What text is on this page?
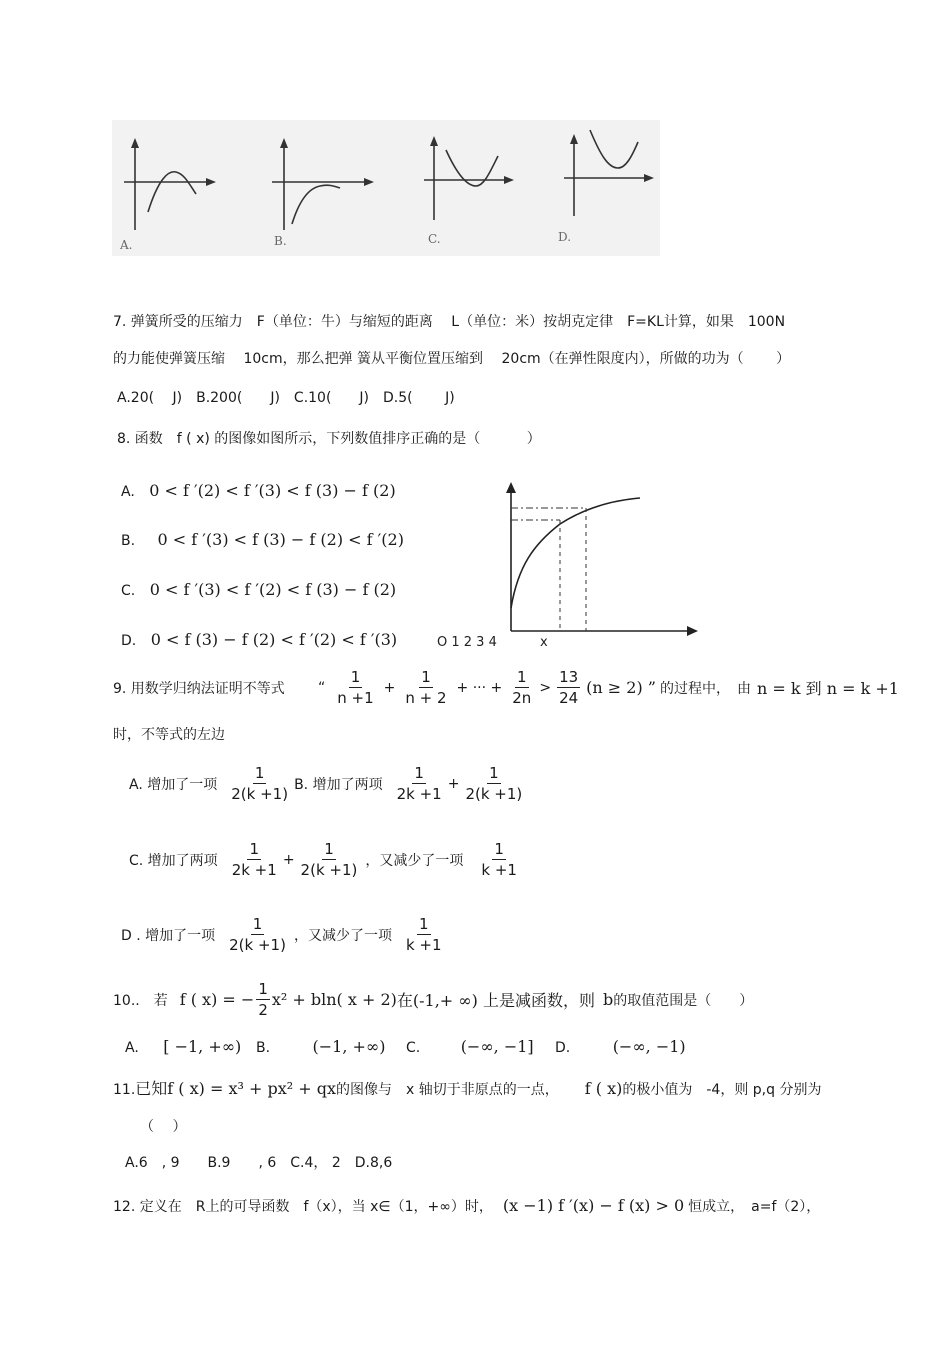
A.	B.	C.	D.
7. 弹簧所受的压缩力　F（单位：牛）与缩短的距离　 L（单位：米）按胡克定律　F=KL计算，如果　100N
的力能使弹簧压缩　 10cm，那么把弹 簧从平衡位置压缩到　 20cm（在弹性限度内），所做的功为（　　 ）
A.20(　 J)　B.200(　　J)　C.10(　　J)　D.5(　　 J)
8. 函数　f ( x) 的图像如图所示，下列数值排序正确的是（　　　 ）
A. 0 < f ′(2) < f ′(3) < f (3) − f (2)
B. 0 < f ′(3) < f (3) − f (2) < f ′(2)
C. 0 < f ′(3) < f ′(2) < f (3) − f (2)
D. 0 < f (3) − f (2) < f ′(2) < f ′(3)	O 1 2 3 4	x
9. 用数学归纳法证明不等式 “ $\frac{1}{n +1} + \frac{1}{n + 2}$ + ··· + $\frac{1}{2n} > \frac{13}{24} (n \ge 2)$ ” 的过程中，　由 n = k 到 n = k +1
时，不等式的左边
A. 增加了一项 $\frac{1}{2(k +1)} B$. 增加了两项 $\frac{1}{2k +1} + \frac{1}{2(k +1)}$
C. 增加了两项 $\frac{1}{2k +1} + \frac{1}{2(k +1)}$ ，又减少了一项 $\frac{1}{k +1}$
D . 增加了一项 $\frac{1}{2(k +1)}$ ，又减少了一项 $\frac{1}{k +1}$
10..　若 f ( x) = − $\frac{1}{2} x^2 + bln$( x + 2) 在(-1,+ ∞) 上是减函数，则 b 的取值范围是（　　）
A. [ −1, +∞) B.	(−1, +∞) C.	(−∞, −1] D.	(−∞, −1)
11. 已知 f ( x) = x³ + px² + qx 的图像与　x 轴切于非原点的一点， f ( x) 的极小值为　-4，则 p,q 分别为
（　 ）
A.6　, 9　　B.9　　, 6　C.4， 2　D.8,6
12. 定义在　R上的可导函数　f（x），当 x∈（1，+∞）时， (x −1) f ′(x) − f (x) > 0 恒成立，　a=f（2），
